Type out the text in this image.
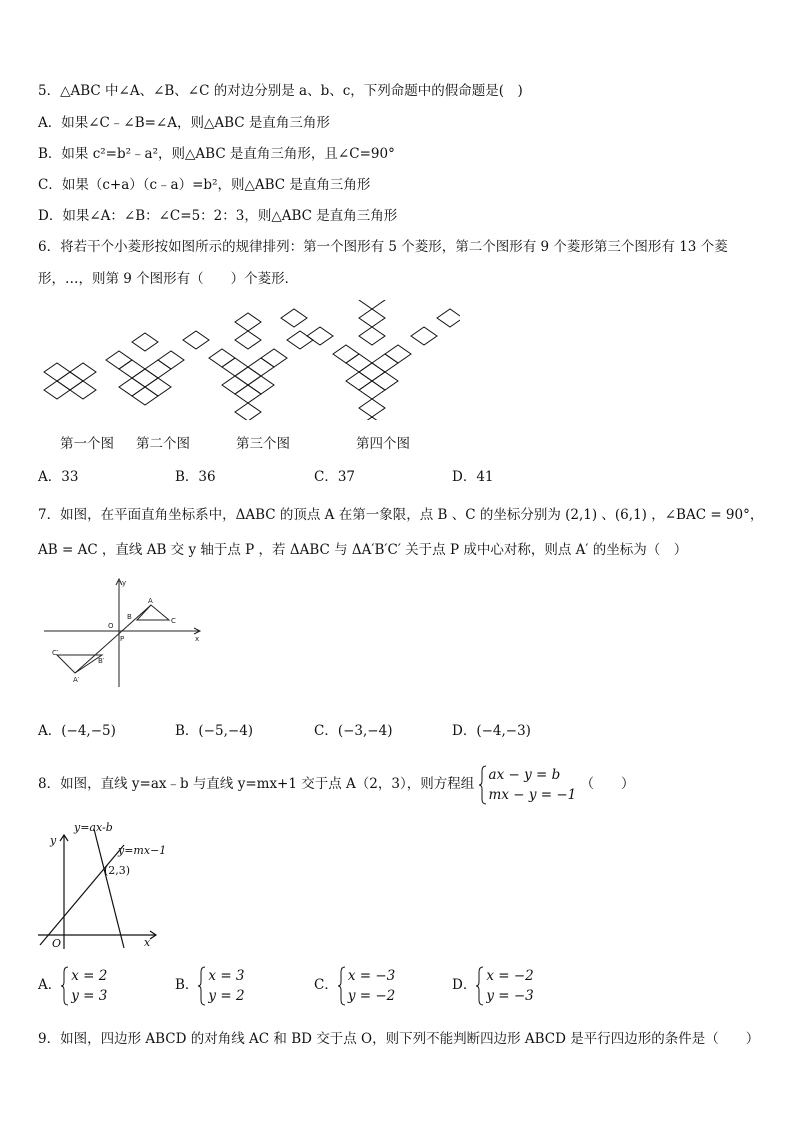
5．△ABC 中∠A、∠B、∠C 的对边分别是 a、b、c，下列命题中的假命题是(　)
A．如果∠C﹣∠B=∠A，则△ABC 是直角三角形
B．如果 c²=b²﹣a²，则△ABC 是直角三角形，且∠C=90°
C．如果（c+a）（c﹣a）=b²，则△ABC 是直角三角形
D．如果∠A：∠B：∠C=5：2：3，则△ABC 是直角三角形
6．将若干个小菱形按如图所示的规律排列：第一个图形有 5 个菱形，第二个图形有 9 个菱形第三个图形有 13 个菱
形，…，则第 9 个图形有（　　）个菱形．
第一个图 第二个图	第三个图	第四个图
A．33	B．36	C．37	D．41
7．如图，在平面直角坐标系中，ΔABC 的顶点 A 在第一象限，点 B 、C 的坐标分别为 (2,1) 、(6,1) ，∠BAC = 90°，
AB = AC ，直线 AB 交 y 轴于点 P ，若 ΔABC 与 ΔA′B′C′ 关于点 P 成中心对称，则点 A′ 的坐标为（　）
y
x
O
P
A
B	C
C′
B′
A′
A．(−4,−5)	B．(−5,−4)	C．(−3,−4)	D．(−4,−3)
8．如图，直线 y=ax﹣b 与直线 y=mx+1 交于点 A（2，3），则方程组
ax − y = b
mx − y = −1
（　　）
y=ax-b
y=mx−1
(2,3)
y
x
O
A．
x = 2
y = 3
B．
x = 3
y = 2
C．
x = −3
y = −2
D．
x = −2
y = −3
9．如图，四边形 ABCD 的对角线 AC 和 BD 交于点 O，则下列不能判断四边形 ABCD 是平行四边形的条件是（　　）
